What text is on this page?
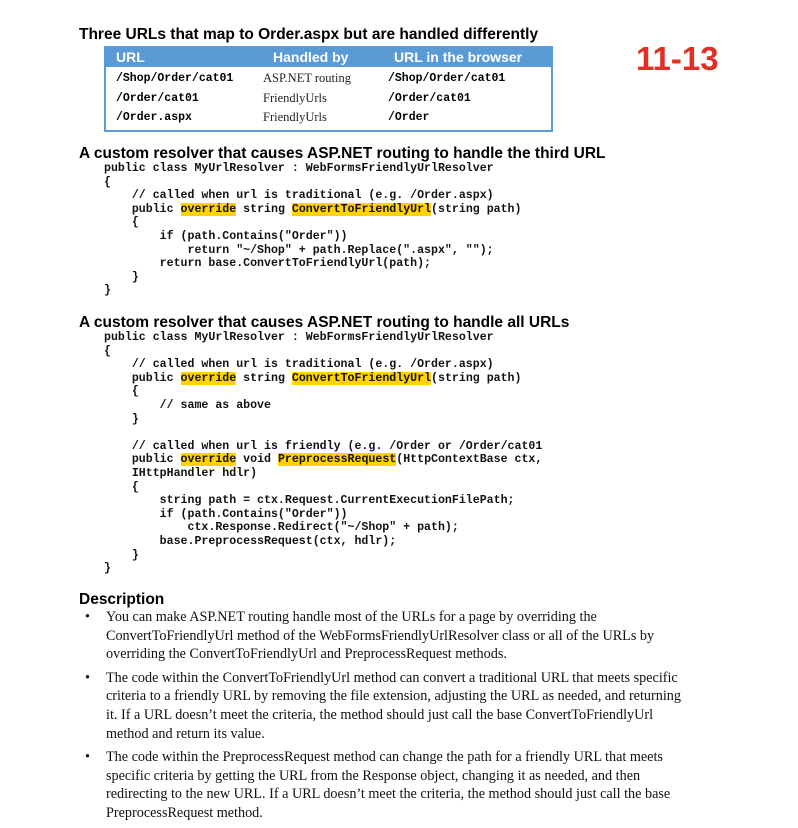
11-13
Three URLs that map to Order.aspx but are handled differently
URL	Handled by	URL in the browser
/Shop/Order/cat01	ASP.NET routing	/Shop/Order/cat01
/Order/cat01	FriendlyUrls	/Order/cat01
/Order.aspx	FriendlyUrls	/Order
A custom resolver that causes ASP.NET routing to handle the third URL
public class MyUrlResolver : WebFormsFriendlyUrlResolver
{
// called when url is traditional (e.g. /Order.aspx)
public override string ConvertToFriendlyUrl(string path)
{
if (path.Contains("Order"))
return "~/Shop" + path.Replace(".aspx", "");
return base.ConvertToFriendlyUrl(path);
}
}
A custom resolver that causes ASP.NET routing to handle all URLs
public class MyUrlResolver : WebFormsFriendlyUrlResolver
{
// called when url is traditional (e.g. /Order.aspx)
public override string ConvertToFriendlyUrl(string path)
{
// same as above
}

// called when url is friendly (e.g. /Order or /Order/cat01
public override void PreprocessRequest(HttpContextBase ctx,
IHttpHandler hdlr)
{
string path = ctx.Request.CurrentExecutionFilePath;
if (path.Contains("Order"))
ctx.Response.Redirect("~/Shop" + path);
base.PreprocessRequest(ctx, hdlr);
}
}
Description
• You can make ASP.NET routing handle most of the URLs for a page by overriding the ConvertToFriendlyUrl method of the WebFormsFriendlyUrlResolver class or all of the URLs by overriding the ConvertToFriendlyUrl and PreprocessRequest methods.
• The code within the ConvertToFriendlyUrl method can convert a traditional URL that meets specific criteria to a friendly URL by removing the file extension, adjusting the URL as needed, and returning it. If a URL doesn’t meet the criteria, the method should just call the base ConvertToFriendlyUrl method and return its value.
• The code within the PreprocessRequest method can change the path for a friendly URL that meets specific criteria by getting the URL from the Response object, changing it as needed, and then redirecting to the new URL. If a URL doesn’t meet the criteria, the method should just call the base PreprocessRequest method.
